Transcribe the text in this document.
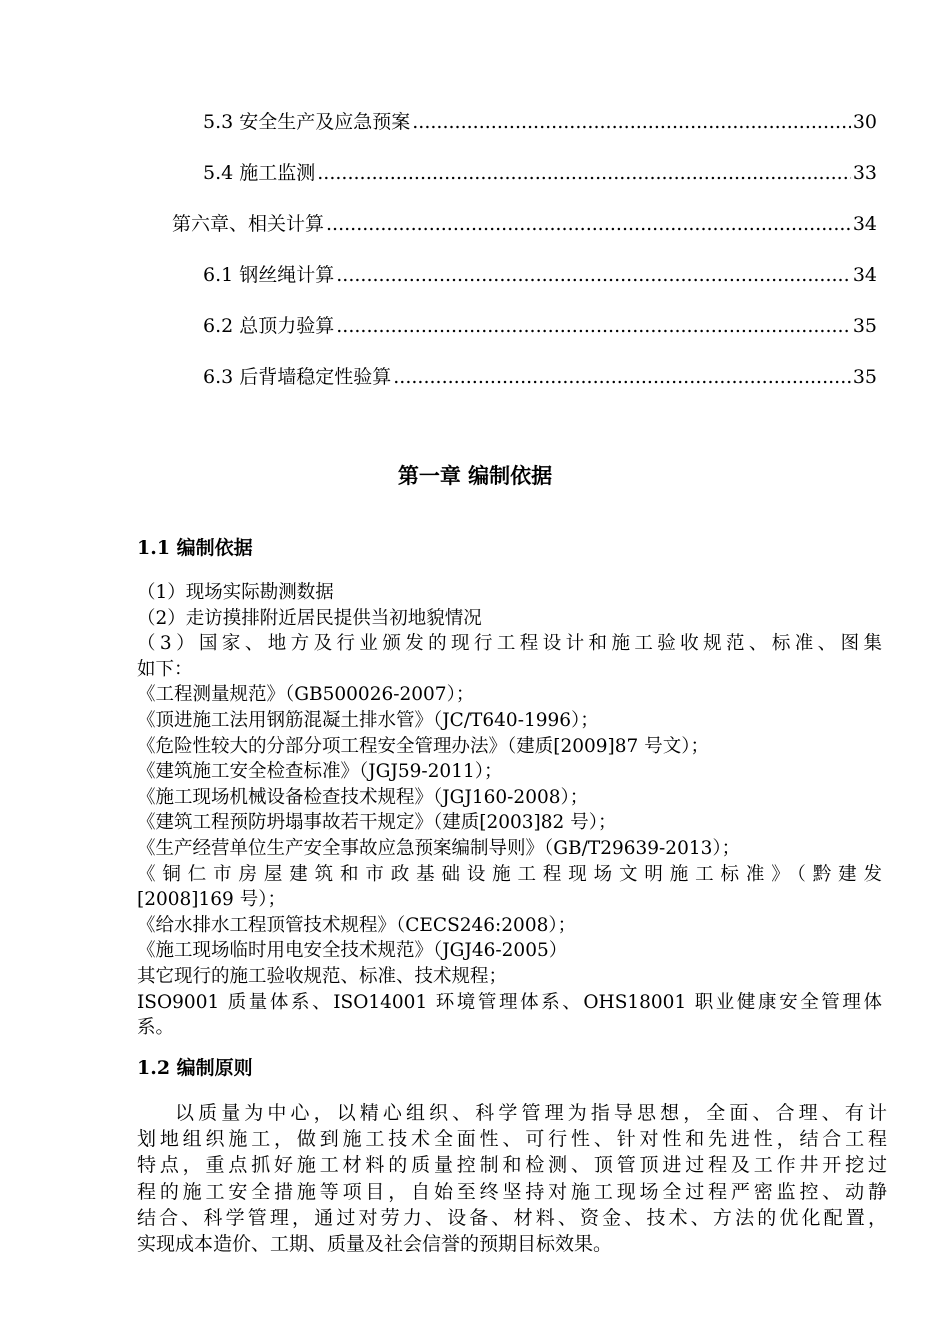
5.3 安全生产及应急预案 .....	30
5.4 施工监测 .....	33
第六章、相关计算 .....	34
6.1 钢丝绳计算 .....	34
6.2 总顶力验算 .....	35
6.3 后背墙稳定性验算 .....	35
第一章 编制依据
1.1 编制依据
（1）现场实际勘测数据
（2）走访摸排附近居民提供当初地貌情况
（3）国家、地方及行业颁发的现行工程设计和施工验收规范、标准、图集
如下：
《工程测量规范》（GB500026-2007）；
《顶进施工法用钢筋混凝土排水管》（JC/T640-1996）；
《危险性较大的分部分项工程安全管理办法》（建质[2009]87 号文）；
《建筑施工安全检查标准》（JGJ59-2011）；
《施工现场机械设备检查技术规程》（JGJ160-2008）；
《建筑工程预防坍塌事故若干规定》（建质[2003]82 号）；
《生产经营单位生产安全事故应急预案编制导则》（GB/T29639-2013）；
《铜仁市房屋建筑和市政基础设施工程现场文明施工标准》（黔建发
[2008]169 号）；
《给水排水工程顶管技术规程》（CECS246:2008）；
《施工现场临时用电安全技术规范》（JGJ46-2005）
其它现行的施工验收规范、标准、技术规程；
ISO9001 质量体系、ISO14001 环境管理体系、OHS18001 职业健康安全管理体
系。
1.2 编制原则
以质量为中心，以精心组织、科学管理为指导思想，全面、合理、有计
划地组织施工，做到施工技术全面性、可行性、针对性和先进性，结合工程
特点，重点抓好施工材料的质量控制和检测、顶管顶进过程及工作井开挖过
程的施工安全措施等项目，自始至终坚持对施工现场全过程严密监控、动静
结合、科学管理，通过对劳力、设备、材料、资金、技术、方法的优化配置，
实现成本造价、工期、质量及社会信誉的预期目标效果。
